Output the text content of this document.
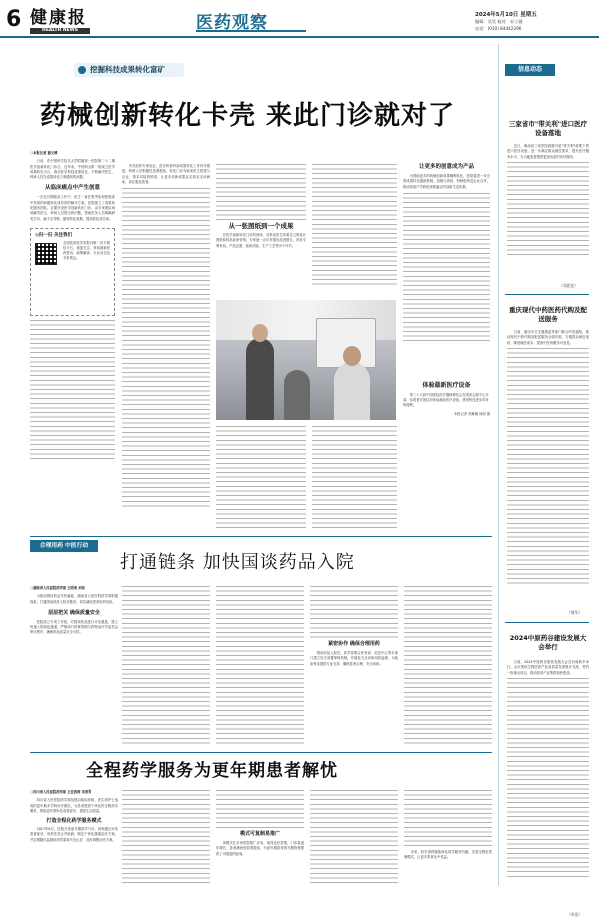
6 健康报
HEALTH NEWS	医药观察	2024年5月10日 星期五
编辑：吴昊 校对：宋子涵
电话：(010) 84442296
挖掘科技成果转化富矿
药械创新转化卡壳 来此门诊就对了
▢本报记者 谢文博

日前，在中国科学技术大学附属第一医院第二十二期医学创新转化门诊日。近年来，中国科大附一院成立医学成果转化平台，推动医学科技成果转化，不断解决医生、科研人员在成果转化方面遇到的问题。

从临床痛点中产生创意

一次在长期临床工作中，医生一直在思考如何把临床中发现的问题转化成有效的解决方案。医院建立了成果转化服务团队，定期开设医学创新转化门诊，由专家团队现场解答医生、科研人员提出的问题，帮助医务人员明确研发方向，减少走弯路，缩短转化周期，提高转化成功率。

◎扫一扫 关注我们
全国医药医学类报刊唯一官方微信平台，欢迎关注，获取最新医药资讯、政策解读、行业动态及专家观点。

多次组织专家论证，医疗机构内部成果转化工作有序推进，科研人员积极性显著提高。转化门诊为临床医生搭建与企业、资本对接的桥梁，让更多创新成果从实验室走向病床，真正惠及患者。

从一张图纸到一个成果

在医学创新转化门诊的现场，各科室医生带着自己的设计图纸和样品前来咨询，专家逐一点评并提出改进建议，涉及专利布局、产品注册、临床试验、生产工艺等多个环节。

让更多的创意成为产品

为帮助更多的药械创新成果顺利转化，医院将进一步完善成果转化激励机制，加强与高校、科研院所及企业合作，推动形成产学研医深度融合的创新生态体系。

体验最新医疗设备
第三十六届中国国际医疗器械博览会在国家会展中心开幕，参观者在展位前体验最新医疗设备，感受科技进步带来的便利。
本报记者 郭琳娜 何韵 摄
信息动态
三家省市"带关利"进口医疗设备落地

近日，海南省三家医院相继引进"带关利"政策下的进口医疗设备，进一步满足群众就医需求，提升医疗服务水平，为当地患者提供更加优质的诊疗服务。

（刘思佳）
重庆现代中药医药代购及配送服务

日前，重庆市卫生健康委等部门联合印发通知，推动现代中药代购及配送服务全面开展，方便群众就近取药，降低就医成本，提高中医药服务可及性。

（黎军）
2024中原药谷建设发展大会举行

日前，2024中原药谷建设发展大会在河南新乡举行，会议围绕生物医药产业高质量发展展开交流，签约一批重点项目，推动医药产业集群加快建设。

（李浩）
合理用药 中医行动
打通链条 加快国谈药品入院
▢湖南省人民医院药学部 王明欢 刘洁

为推动国谈药品尽快落地，湖南省人民医院药学部积极探索，打通国谈药品入院全链条，切实减轻患者用药负担。

层层把关 确保质量安全

医院成立专项工作组，对国谈药品进行评估遴选，建立快速入院绿色通道，严格执行药事管理与药物治疗学委员会审议程序，确保药品质量安全可控。

紧密协作 确保合理用药

国谈药品入院后，药学部联合医务部、信息中心等多部门建立处方前置审核机制，开展处方点评和用药监测，为临床科室提供专业支持，确保患者合理、安全用药。

全程药学服务为更年期患者解忧
▢四川省人民医院药学部 主任药师 李香青

四川省人民医院药学部组建由临床药师、医生和护士组成的更年期多学科诊疗团队，为患者提供个体化的全程药学服务，帮助更年期女性改善症状、提高生活质量。

打造全程化药学服务模式

2017年8月，医院开设更年期药学门诊，药师通过评估患者症状、用药史及合并疾病，制定个体化激素治疗方案，并定期随访监测用药效果和不良反应，及时调整治疗方案。

模式可复制易推广

该模式在多家医院推广应用，取得良好效果，门诊量逐年增长，患者满意度显著提高，为更年期患者的长期管理提供了可借鉴的经验。	未来，药学部将继续深化药学服务内涵，完善全程化管理模式，让更多患者从中受益。
